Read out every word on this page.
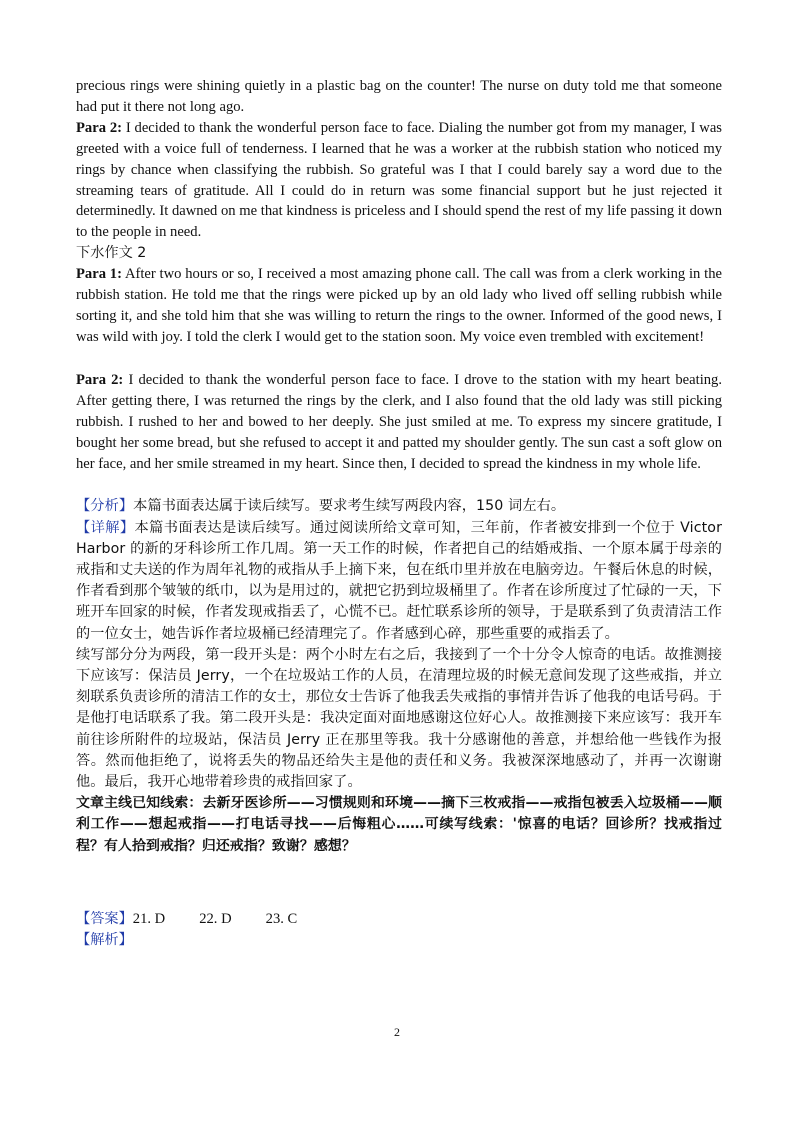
precious rings were shining quietly in a plastic bag on the counter! The nurse on duty told me that someone had put it there not long ago.

Para 2: I decided to thank the wonderful person face to face. Dialing the number got from my manager, I was greeted with a voice full of tenderness. I learned that he was a worker at the rubbish station who noticed my rings by chance when classifying the rubbish. So grateful was I that I could barely say a word due to the streaming tears of gratitude. All I could do in return was some financial support but he just rejected it determinedly. It dawned on me that kindness is priceless and I should spend the rest of my life passing it down to the people in need.

下水作文 2

Para 1: After two hours or so, I received a most amazing phone call. The call was from a clerk working in the rubbish station. He told me that the rings were picked up by an old lady who lived off selling rubbish while sorting it, and she told him that she was willing to return the rings to the owner. Informed of the good news, I was wild with joy. I told the clerk I would get to the station soon. My voice even trembled with excitement!

Para 2: I decided to thank the wonderful person face to face. I drove to the station with my heart beating. After getting there, I was returned the rings by the clerk, and I also found that the old lady was still picking rubbish. I rushed to her and bowed to her deeply. She just smiled at me. To express my sincere gratitude, I bought her some bread, but she refused to accept it and patted my shoulder gently. The sun cast a soft glow on her face, and her smile streamed in my heart. Since then, I decided to spread the kindness in my whole life.

【分析】本篇书面表达属于读后续写。要求考生续写两段内容，150 词左右。

【详解】本篇书面表达是读后续写。通过阅读所给文章可知，三年前，作者被安排到一个位于 Victor Harbor 的新的牙科诊所工作几周。第一天工作的时候，作者把自己的结婚戒指、一个原本属于母亲的戒指和丈夫送的作为周年礼物的戒指从手上摘下来，包在纸巾里并放在电脑旁边。午餐后休息的时候，作者看到那个皱皱的纸巾，以为是用过的，就把它扔到垃圾桶里了。作者在诊所度过了忙碌的一天，下班开车回家的时候，作者发现戒指丢了，心慌不已。赶忙联系诊所的领导，于是联系到了负责清洁工作的一位女士，她告诉作者垃圾桶已经清理完了。作者感到心碎，那些重要的戒指丢了。

续写部分分为两段，第一段开头是：两个小时左右之后，我接到了一个十分令人惊奇的电话。故推测接下应该写：保洁员 Jerry，一个在垃圾站工作的人员，在清理垃圾的时候无意间发现了这些戒指，并立刻联系负责诊所的清洁工作的女士，那位女士告诉了他我丢失戒指的事情并告诉了他我的电话号码。于是他打电话联系了我。第二段开头是：我决定面对面地感谢这位好心人。故推测接下来应该写：我开车前往诊所附件的垃圾站，保洁员 Jerry 正在那里等我。我十分感谢他的善意，并想给他一些钱作为报答。然而他拒绝了，说将丢失的物品还给失主是他的责任和义务。我被深深地感动了，并再一次谢谢他。最后，我开心地带着珍贵的戒指回家了。

文章主线已知线索：去新牙医诊所——习惯规则和环境——摘下三枚戒指——戒指包被丢入垃圾桶——顺利工作——想起戒指——打电话寻找——后悔粗心……可续写线索：'惊喜的电话？回诊所？找戒指过程？有人拾到戒指？归还戒指？致谢？感想？

【答案】21. D 22. D 23. C

【解析】

2
